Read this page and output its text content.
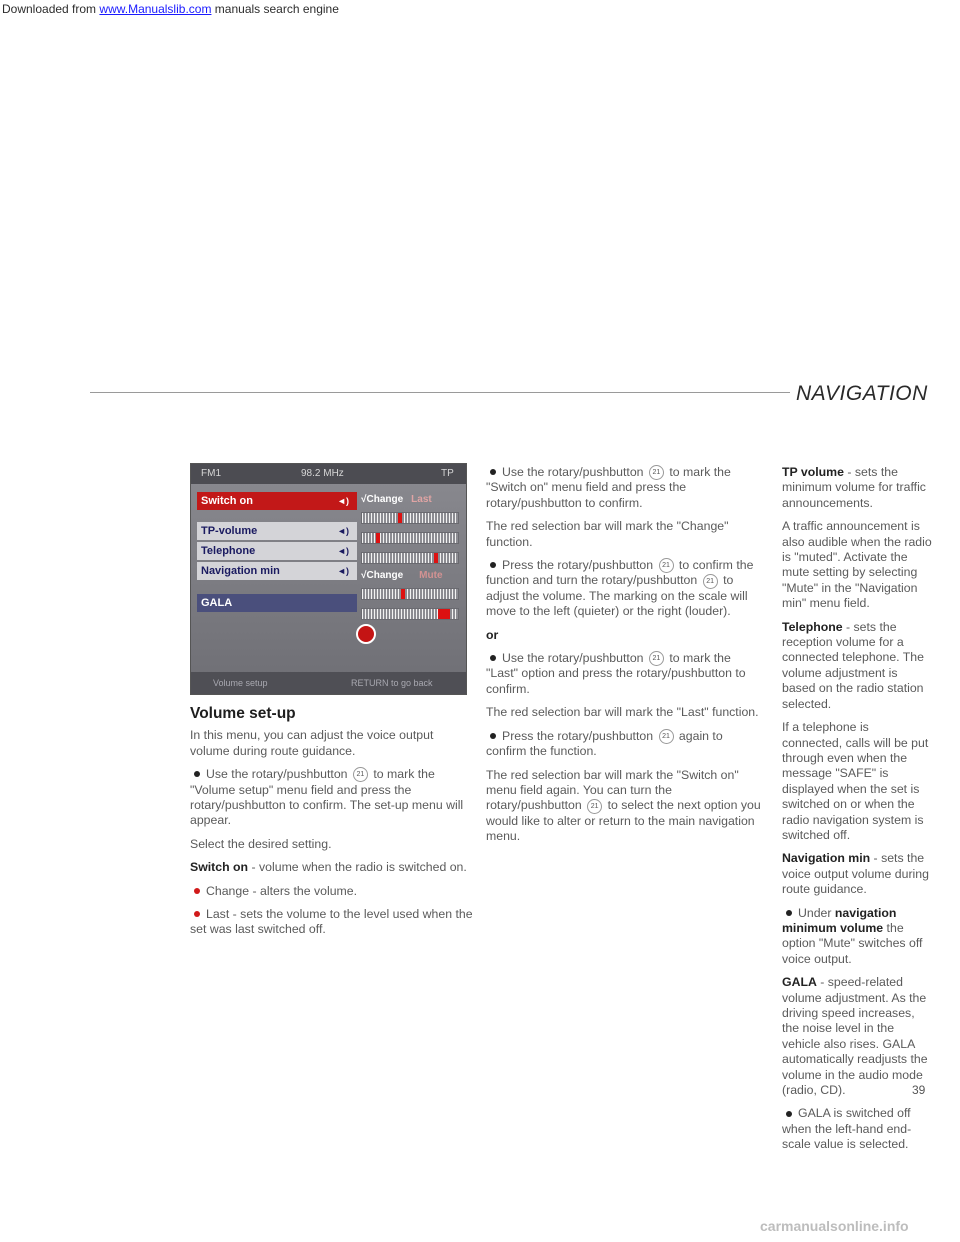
Downloaded from www.Manualslib.com manuals search engine
NAVIGATION
FM1	98.2 MHz	TP
Switch on	◄)
TP-volume	◄)
Telephone	◄)
Navigation min	◄)
GALA
√Change Last
√Change Mute
Volume setup	RETURN to go back
Volume set-up

In this menu, you can adjust the voice output volume during route guidance.

Use the rotary/pushbutton 21 to mark the "Volume setup" menu field and press the rotary/pushbutton to confirm. The set-up menu will appear.

Select the desired setting.

Switch on - volume when the radio is switched on.

Change - alters the volume.

Last - sets the volume to the level used when the set was last switched off.

Use the rotary/pushbutton 21 to mark the "Switch on" menu field and press the rotary/pushbutton to confirm.

The red selection bar will mark the "Change" function.

Press the rotary/pushbutton 21 to confirm the function and turn the rotary/pushbutton 21 to adjust the volume. The marking on the scale will move to the left (quieter) or the right (louder).

or

Use the rotary/pushbutton 21 to mark the "Last" option and press the rotary/pushbutton to confirm.

The red selection bar will mark the "Last" function.

Press the rotary/pushbutton 21 again to confirm the function.

The red selection bar will mark the "Switch on" menu field again. You can turn the rotary/pushbutton 21 to select the next option you would like to alter or return to the main navigation menu.

TP volume - sets the minimum volume for traffic announcements.

A traffic announcement is also audible when the radio is "muted". Activate the mute setting by selecting "Mute" in the "Navigation min" menu field.

Telephone - sets the reception volume for a connected telephone. The volume adjustment is based on the radio station selected.

If a telephone is connected, calls will be put through even when the message "SAFE" is displayed when the set is switched on or when the radio navigation system is switched off.

Navigation min - sets the voice output volume during route guidance.

Under navigation minimum volume the option "Mute" switches off voice output.

GALA - speed-related volume adjustment. As the driving speed increases, the noise level in the vehicle also rises. GALA automatically readjusts the volume in the audio mode (radio, CD).

GALA is switched off when the left-hand end-scale value is selected.

39
carmanualsonline.info
